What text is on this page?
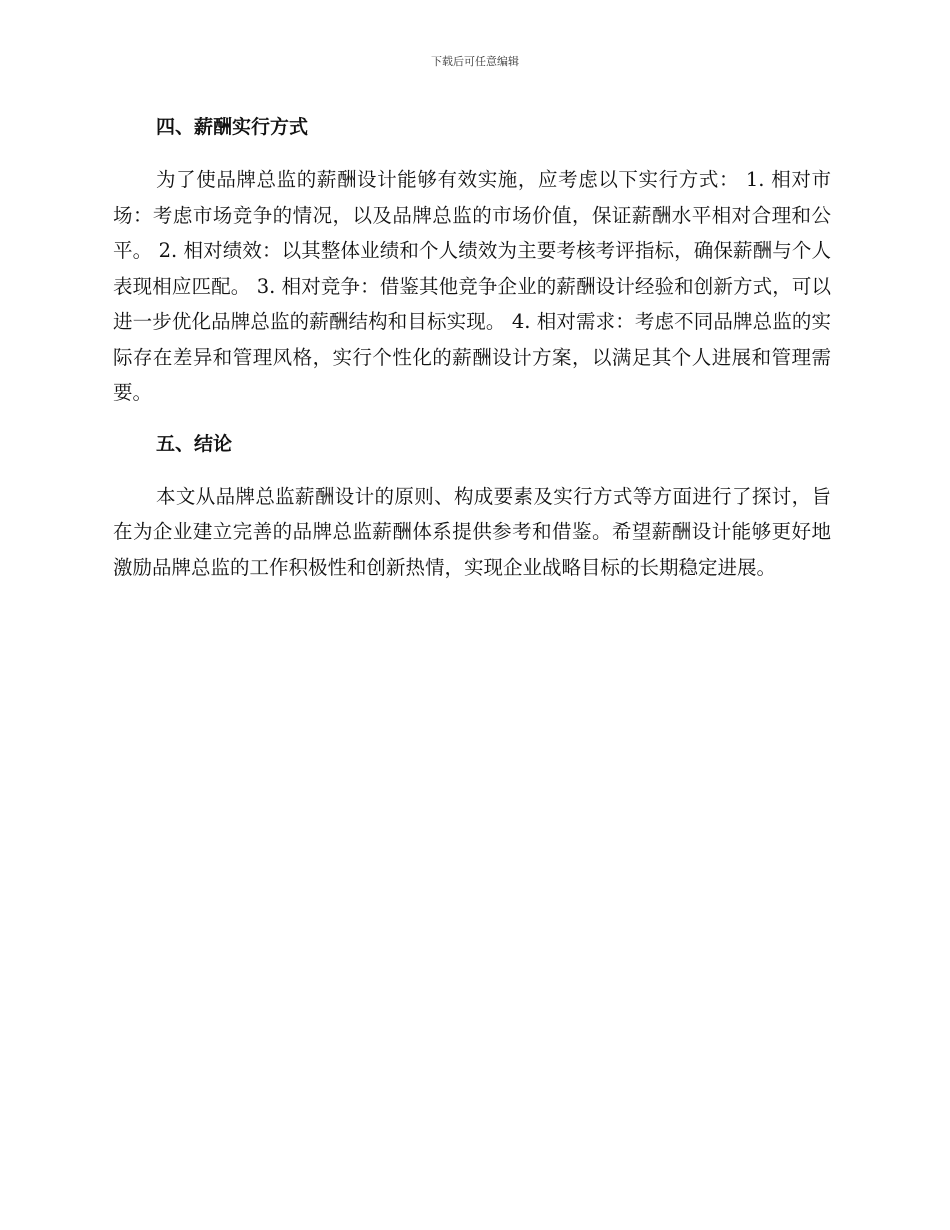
下载后可任意编辑
四、薪酬实行方式

为了使品牌总监的薪酬设计能够有效实施，应考虑以下实行方式： 1. 相对市场：考虑市场竞争的情况，以及品牌总监的市场价值，保证薪酬水平相对合理和公平。 2. 相对绩效：以其整体业绩和个人绩效为主要考核考评指标，确保薪酬与个人表现相应匹配。 3. 相对竞争：借鉴其他竞争企业的薪酬设计经验和创新方式，可以进一步优化品牌总监的薪酬结构和目标实现。 4. 相对需求：考虑不同品牌总监的实际存在差异和管理风格，实行个性化的薪酬设计方案，以满足其个人进展和管理需要。

五、结论

本文从品牌总监薪酬设计的原则、构成要素及实行方式等方面进行了探讨，旨在为企业建立完善的品牌总监薪酬体系提供参考和借鉴。希望薪酬设计能够更好地激励品牌总监的工作积极性和创新热情，实现企业战略目标的长期稳定进展。
